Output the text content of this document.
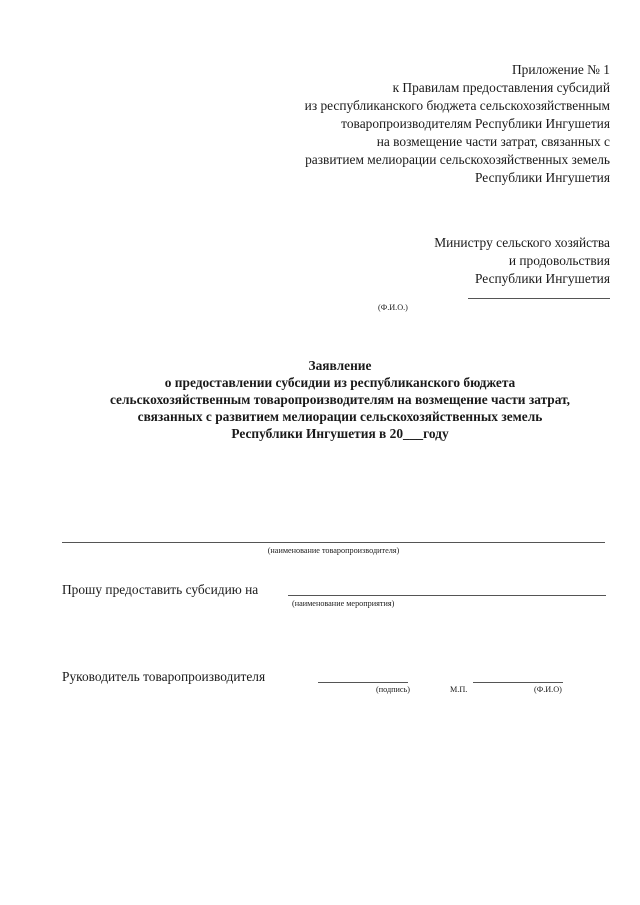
Приложение № 1
к Правилам предоставления субсидий
из республиканского бюджета сельскохозяйственным
товаропроизводителям Республики Ингушетия
на возмещение части затрат, связанных с
развитием мелиорации сельскохозяйственных земель
Республики Ингушетия
Министру сельского хозяйства
и продовольствия
Республики Ингушетия
(Ф.И.О.)
Заявление
о предоставлении субсидии из республиканского бюджета
сельскохозяйственным товаропроизводителям на возмещение части затрат,
связанных с развитием мелиорации сельскохозяйственных земель
Республики Ингушетия в 20___году
(наименование товаропроизводителя)
Прошу предоставить субсидию на
(наименование мероприятия)
Руководитель товаропроизводителя
(подпись)	М.П.	(Ф.И.О)
